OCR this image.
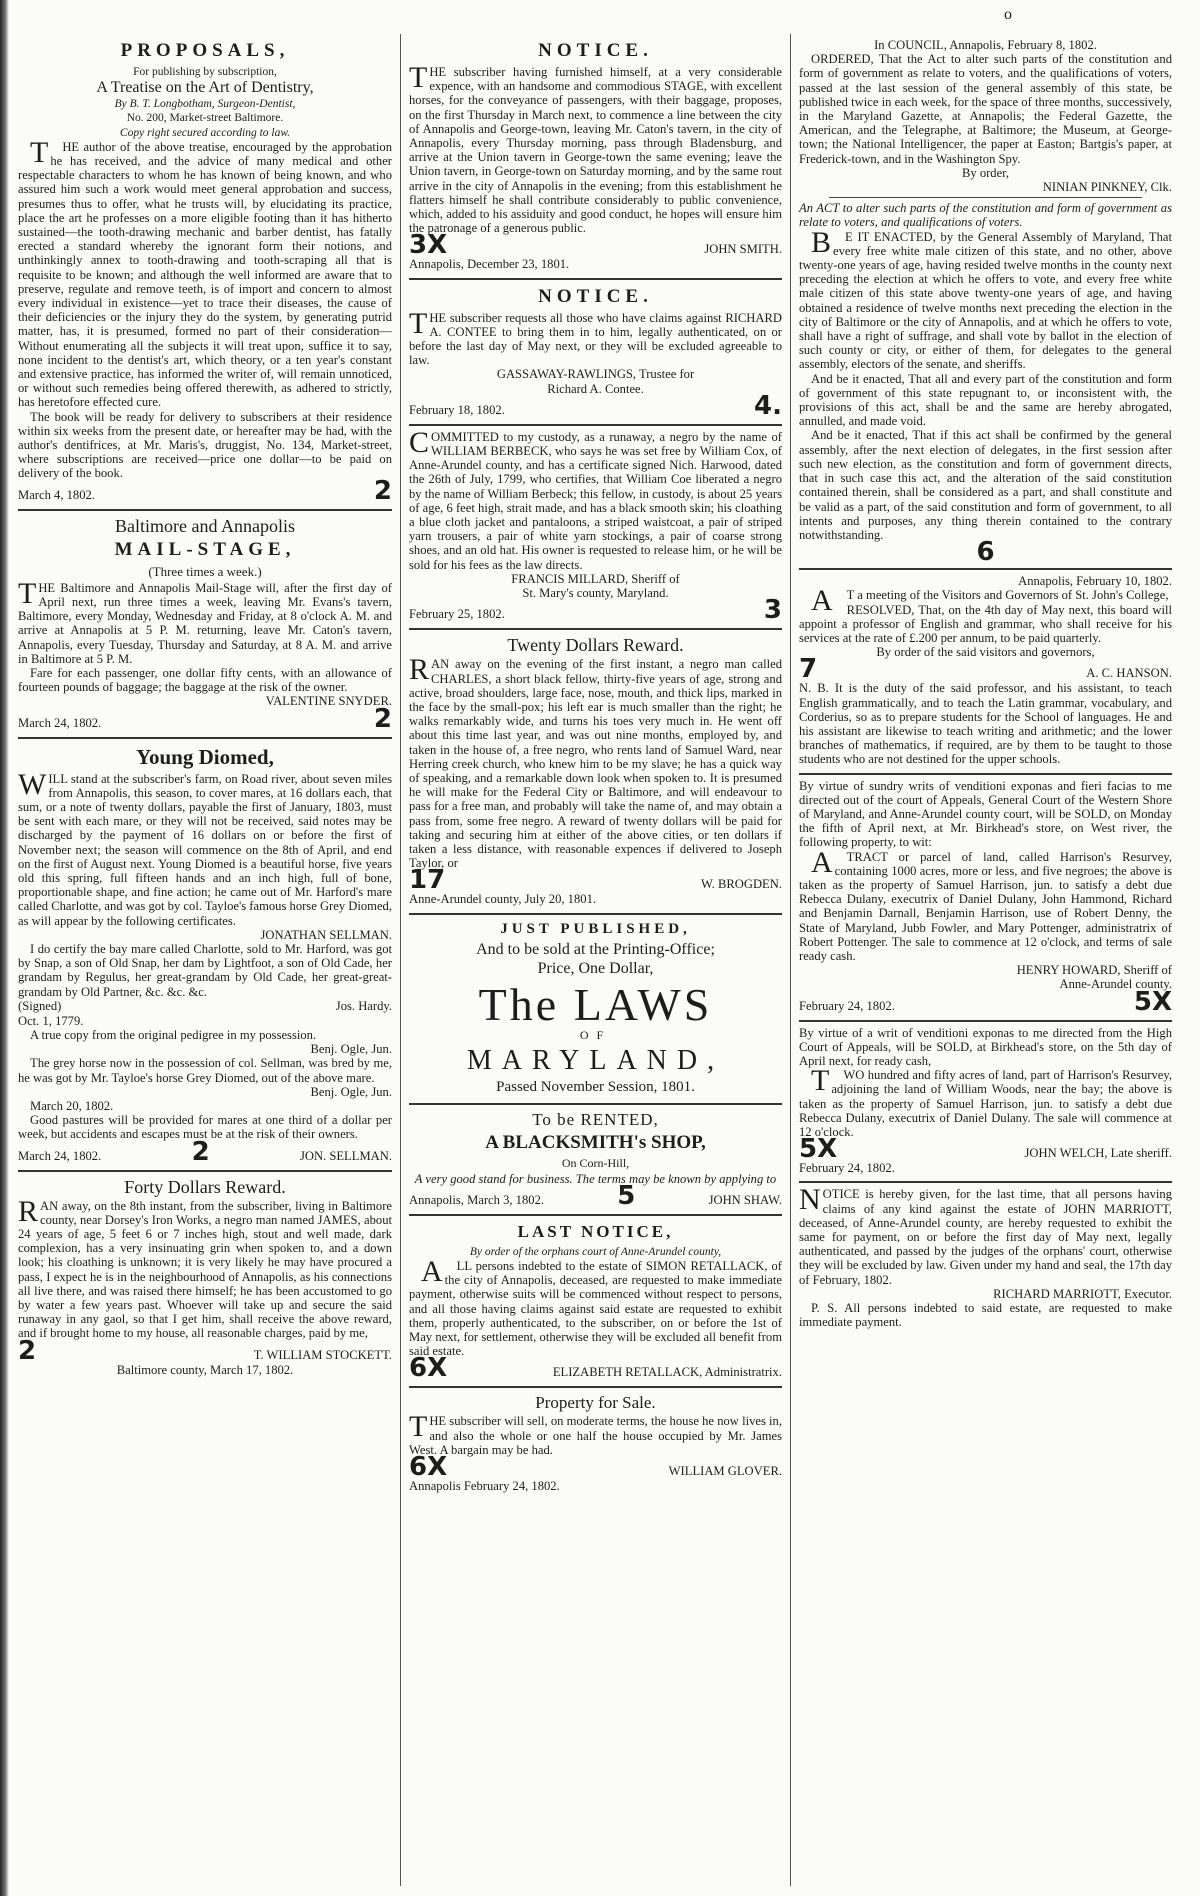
o
PROPOSALS,

For publishing by subscription,

A Treatise on the Art of Dentistry,

By B. T. Longbotham, Surgeon-Dentist,

No. 200, Market-street Baltimore.

Copy right secured according to law.

THE author of the above treatise, encouraged by the approbation he has received, and the advice of many medical and other respectable characters to whom he has known of being known, and who assured him such a work would meet general approbation and success, presumes thus to offer, what he trusts will, by elucidating its practice, place the art he professes on a more eligible footing than it has hitherto sustained—the tooth-drawing mechanic and barber dentist, has fatally erected a standard whereby the ignorant form their notions, and unthinkingly annex to tooth-drawing and tooth-scraping all that is requisite to be known; and although the well informed are aware that to preserve, regulate and remove teeth, is of import and concern to almost every individual in existence—yet to trace their diseases, the cause of their deficiencies or the injury they do the system, by generating putrid matter, has, it is presumed, formed no part of their consideration—Without enumerating all the subjects it will treat upon, suffice it to say, none incident to the dentist's art, which theory, or a ten year's constant and extensive practice, has informed the writer of, will remain unnoticed, or without such remedies being offered therewith, as adhered to strictly, has heretofore effected cure.

The book will be ready for delivery to subscribers at their residence within six weeks from the present date, or hereafter may be had, with the author's dentifrices, at Mr. Maris's, druggist, No. 134, Market-street, where subscriptions are received—price one dollar—to be paid on delivery of the book.

March 4, 1802.	2
Baltimore and Annapolis
MAIL-STAGE,
(Three times a week.)

THE Baltimore and Annapolis Mail-Stage will, after the first day of April next, run three times a week, leaving Mr. Evans's tavern, Baltimore, every Monday, Wednesday and Friday, at 8 o'clock A. M. and arrive at Annapolis at 5 P. M. returning, leave Mr. Caton's tavern, Annapolis, every Tuesday, Thursday and Saturday, at 8 A. M. and arrive in Baltimore at 5 P. M.

Fare for each passenger, one dollar fifty cents, with an allowance of fourteen pounds of baggage; the baggage at the risk of the owner.

VALENTINE SNYDER.

March 24, 1802.	2
Young Diomed,

WILL stand at the subscriber's farm, on Road river, about seven miles from Annapolis, this season, to cover mares, at 16 dollars each, that sum, or a note of twenty dollars, payable the first of January, 1803, must be sent with each mare, or they will not be received, said notes may be discharged by the payment of 16 dollars on or before the first of November next; the season will commence on the 8th of April, and end on the first of August next. Young Diomed is a beautiful horse, five years old this spring, full fifteen hands and an inch high, full of bone, proportionable shape, and fine action; he came out of Mr. Harford's mare called Charlotte, and was got by col. Tayloe's famous horse Grey Diomed, as will appear by the following certificates.

JONATHAN SELLMAN.

I do certify the bay mare called Charlotte, sold to Mr. Harford, was got by Snap, a son of Old Snap, her dam by Lightfoot, a son of Old Cade, her grandam by Regulus, her great-grandam by Old Cade, her great-great-grandam by Old Partner, &c. &c. &c.

(Signed)	Jos. Hardy.

Oct. 1, 1779.

A true copy from the original pedigree in my possession.

Benj. Ogle, Jun.

The grey horse now in the possession of col. Sellman, was bred by me, he was got by Mr. Tayloe's horse Grey Diomed, out of the above mare.

Benj. Ogle, Jun.

March 20, 1802.

Good pastures will be provided for mares at one third of a dollar per week, but accidents and escapes must be at the risk of their owners.

March 24, 1802.	2	JON. SELLMAN.
Forty Dollars Reward.

RAN away, on the 8th instant, from the subscriber, living in Baltimore county, near Dorsey's Iron Works, a negro man named JAMES, about 24 years of age, 5 feet 6 or 7 inches high, stout and well made, dark complexion, has a very insinuating grin when spoken to, and a down look; his cloathing is unknown; it is very likely he may have procured a pass, I expect he is in the neighbourhood of Annapolis, as his connections all live there, and was raised there himself; he has been accustomed to go by water a few years past. Whoever will take up and secure the said runaway in any gaol, so that I get him, shall receive the above reward, and if brought home to my house, all reasonable charges, paid by me,

2	T. WILLIAM STOCKETT.

Baltimore county, March 17, 1802.

NOTICE.

THE subscriber having furnished himself, at a very considerable expence, with an handsome and commodious STAGE, with excellent horses, for the conveyance of passengers, with their baggage, proposes, on the first Thursday in March next, to commence a line between the city of Annapolis and George-town, leaving Mr. Caton's tavern, in the city of Annapolis, every Thursday morning, pass through Bladensburg, and arrive at the Union tavern in George-town the same evening; leave the Union tavern, in George-town on Saturday morning, and by the same rout arrive in the city of Annapolis in the evening; from this establishment he flatters himself he shall contribute considerably to public convenience, which, added to his assiduity and good conduct, he hopes will ensure him the patronage of a generous public.

3X	JOHN SMITH.

Annapolis, December 23, 1801.

NOTICE.

THE subscriber requests all those who have claims against RICHARD A. CONTEE to bring them in to him, legally authenticated, on or before the last day of May next, or they will be excluded agreeable to law.

GASSAWAY-RAWLINGS, Trustee for

Richard A. Contee.

February 18, 1802.	4.

COMMITTED to my custody, as a runaway, a negro by the name of WILLIAM BERBECK, who says he was set free by William Cox, of Anne-Arundel county, and has a certificate signed Nich. Harwood, dated the 26th of July, 1799, who certifies, that William Coe liberated a negro by the name of William Berbeck; this fellow, in custody, is about 25 years of age, 6 feet high, strait made, and has a black smooth skin; his cloathing a blue cloth jacket and pantaloons, a striped waistcoat, a pair of striped yarn trousers, a pair of white yarn stockings, a pair of coarse strong shoes, and an old hat. His owner is requested to release him, or he will be sold for his fees as the law directs.

FRANCIS MILLARD, Sheriff of

St. Mary's county, Maryland.

February 25, 1802.	3
Twenty Dollars Reward.

RAN away on the evening of the first instant, a negro man called CHARLES, a short black fellow, thirty-five years of age, strong and active, broad shoulders, large face, nose, mouth, and thick lips, marked in the face by the small-pox; his left ear is much smaller than the right; he walks remarkably wide, and turns his toes very much in. He went off about this time last year, and was out nine months, employed by, and taken in the house of, a free negro, who rents land of Samuel Ward, near Herring creek church, who knew him to be my slave; he has a quick way of speaking, and a remarkable down look when spoken to. It is presumed he will make for the Federal City or Baltimore, and will endeavour to pass for a free man, and probably will take the name of, and may obtain a pass from, some free negro. A reward of twenty dollars will be paid for taking and securing him at either of the above cities, or ten dollars if taken a less distance, with reasonable expences if delivered to Joseph Taylor, or

17	W. BROGDEN.

Anne-Arundel county, July 20, 1801.

JUST PUBLISHED,
And to be sold at the Printing-Office;
Price, One Dollar,
The LAWS
OF
MARYLAND,
Passed November Session, 1801.
To be RENTED,
A BLACKSMITH's SHOP,
On Corn-Hill,

A very good stand for business. The terms may be known by applying to

Annapolis, March 3, 1802.	5	JOHN SHAW.
LAST NOTICE,

By order of the orphans court of Anne-Arundel county,

ALL persons indebted to the estate of SIMON RETALLACK, of the city of Annapolis, deceased, are requested to make immediate payment, otherwise suits will be commenced without respect to persons, and all those having claims against said estate are requested to exhibit them, properly authenticated, to the subscriber, on or before the 1st of May next, for settlement, otherwise they will be excluded all benefit from said estate.

6X	ELIZABETH RETALLACK, Administratrix.
Property for Sale.

THE subscriber will sell, on moderate terms, the house he now lives in, and also the whole or one half the house occupied by Mr. James West. A bargain may be had.

6X	WILLIAM GLOVER.

Annapolis February 24, 1802.

In COUNCIL, Annapolis, February 8, 1802.

ORDERED, That the Act to alter such parts of the constitution and form of government as relate to voters, and the qualifications of voters, passed at the last session of the general assembly of this state, be published twice in each week, for the space of three months, successively, in the Maryland Gazette, at Annapolis; the Federal Gazette, the American, and the Telegraphe, at Baltimore; the Museum, at George-town; the National Intelligencer, the paper at Easton; Bartgis's paper, at Frederick-town, and in the Washington Spy.

By order,

NINIAN PINKNEY, Clk.

An ACT to alter such parts of the constitution and form of government as relate to voters, and qualifications of voters.

BE IT ENACTED, by the General Assembly of Maryland, That every free white male citizen of this state, and no other, above twenty-one years of age, having resided twelve months in the county next preceding the election at which he offers to vote, and every free white male citizen of this state above twenty-one years of age, and having obtained a residence of twelve months next preceding the election in the city of Baltimore or the city of Annapolis, and at which he offers to vote, shall have a right of suffrage, and shall vote by ballot in the election of such county or city, or either of them, for delegates to the general assembly, electors of the senate, and sheriffs.

And be it enacted, That all and every part of the constitution and form of government of this state repugnant to, or inconsistent with, the provisions of this act, shall be and the same are hereby abrogated, annulled, and made void.

And be it enacted, That if this act shall be confirmed by the general assembly, after the next election of delegates, in the first session after such new election, as the constitution and form of government directs, that in such case this act, and the alteration of the said constitution contained therein, shall be considered as a part, and shall constitute and be valid as a part, of the said constitution and form of government, to all intents and purposes, any thing therein contained to the contrary notwithstanding.

6

Annapolis, February 10, 1802.

AT a meeting of the Visitors and Governors of St. John's College,

RESOLVED, That, on the 4th day of May next, this board will appoint a professor of English and grammar, who shall receive for his services at the rate of £.200 per annum, to be paid quarterly.

By order of the said visitors and governors,

7	A. C. HANSON.

N. B. It is the duty of the said professor, and his assistant, to teach English grammatically, and to teach the Latin grammar, vocabulary, and Corderius, so as to prepare students for the School of languages. He and his assistant are likewise to teach writing and arithmetic; and the lower branches of mathematics, if required, are by them to be taught to those students who are not destined for the upper schools.

By virtue of sundry writs of venditioni exponas and fieri facias to me directed out of the court of Appeals, General Court of the Western Shore of Maryland, and Anne-Arundel county court, will be SOLD, on Monday the fifth of April next, at Mr. Birkhead's store, on West river, the following property, to wit:

ATRACT or parcel of land, called Harrison's Resurvey, containing 1000 acres, more or less, and five negroes; the above is taken as the property of Samuel Harrison, jun. to satisfy a debt due Rebecca Dulany, executrix of Daniel Dulany, John Hammond, Richard and Benjamin Darnall, Benjamin Harrison, use of Robert Denny, the State of Maryland, Jubb Fowler, and Mary Pottenger, administratrix of Robert Pottenger. The sale to commence at 12 o'clock, and terms of sale ready cash.

HENRY HOWARD, Sheriff of

Anne-Arundel county.

February 24, 1802.	5X

By virtue of a writ of venditioni exponas to me directed from the High Court of Appeals, will be SOLD, at Birkhead's store, on the 5th day of April next, for ready cash,

TWO hundred and fifty acres of land, part of Harrison's Resurvey, adjoining the land of William Woods, near the bay; the above is taken as the property of Samuel Harrison, jun. to satisfy a debt due Rebecca Dulany, executrix of Daniel Dulany. The sale will commence at 12 o'clock.

5X	JOHN WELCH, Late sheriff.

February 24, 1802.

NOTICE is hereby given, for the last time, that all persons having claims of any kind against the estate of JOHN MARRIOTT, deceased, of Anne-Arundel county, are hereby requested to exhibit the same for payment, on or before the first day of May next, legally authenticated, and passed by the judges of the orphans' court, otherwise they will be excluded by law. Given under my hand and seal, the 17th day of February, 1802.

RICHARD MARRIOTT, Executor.

P. S. All persons indebted to said estate, are requested to make immediate payment.
